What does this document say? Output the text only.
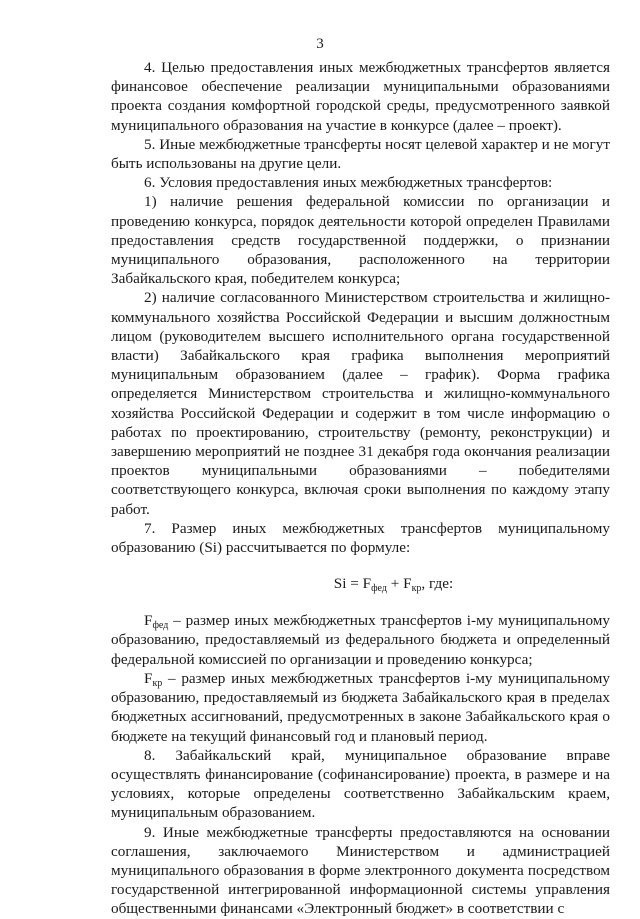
3

4. Целью предоставления иных межбюджетных трансфертов является финансовое обеспечение реализации муниципальными образованиями проекта создания комфортной городской среды, предусмотренного заявкой муниципального образования на участие в конкурсе (далее – проект).

5. Иные межбюджетные трансферты носят целевой характер и не могут быть использованы на другие цели.

6. Условия предоставления иных межбюджетных трансфертов:

1) наличие решения федеральной комиссии по организации и проведению конкурса, порядок деятельности которой определен Правилами предоставления средств государственной поддержки, о признании муниципального образования, расположенного на территории Забайкальского края, победителем конкурса;

2) наличие согласованного Министерством строительства и жилищно-коммунального хозяйства Российской Федерации и высшим должностным лицом (руководителем высшего исполнительного органа государственной власти) Забайкальского края графика выполнения мероприятий муниципальным образованием (далее – график). Форма графика определяется Министерством строительства и жилищно-коммунального хозяйства Российской Федерации и содержит в том числе информацию о работах по проектированию, строительству (ремонту, реконструкции) и завершению мероприятий не позднее 31 декабря года окончания реализации проектов муниципальными образованиями – победителями соответствующего конкурса, включая сроки выполнения по каждому этапу работ.

7. Размер иных межбюджетных трансфертов муниципальному образованию (Si) рассчитывается по формуле:

$Si = F_{фед} + F_{кр}$, где:

$F_{фед}$ – размер иных межбюджетных трансфертов i-му муниципальному образованию, предоставляемый из федерального бюджета и определенный федеральной комиссией по организации и проведению конкурса;

$F_{кр}$ – размер иных межбюджетных трансфертов i-му муниципальному образованию, предоставляемый из бюджета Забайкальского края в пределах бюджетных ассигнований, предусмотренных в законе Забайкальского края о бюджете на текущий финансовый год и плановый период.

8. Забайкальский край, муниципальное образование вправе осуществлять финансирование (софинансирование) проекта, в размере и на условиях, которые определены соответственно Забайкальским краем, муниципальным образованием.

9. Иные межбюджетные трансферты предоставляются на основании соглашения, заключаемого Министерством и администрацией муниципального образования в форме электронного документа посредством государственной интегрированной информационной системы управления общественными финансами «Электронный бюджет» в соответствии с
